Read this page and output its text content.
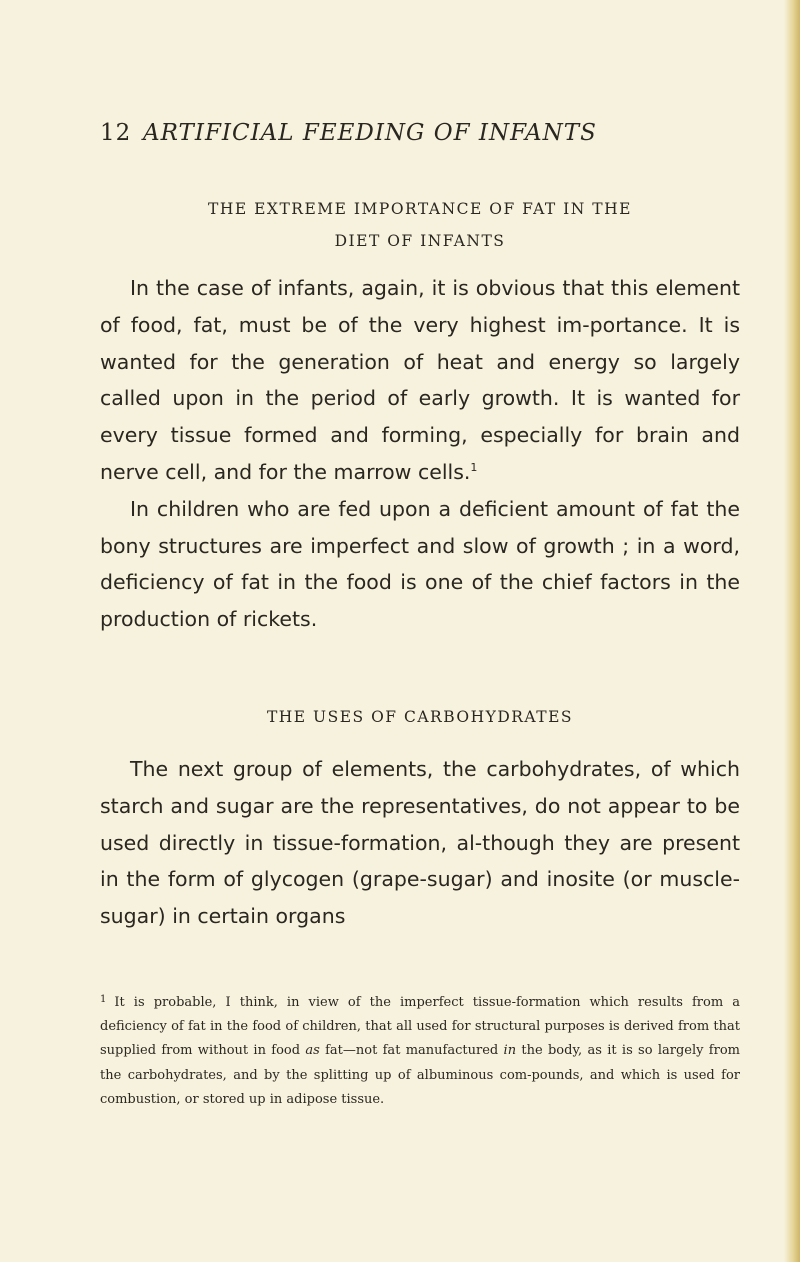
12 ARTIFICIAL FEEDING OF INFANTS
THE EXTREME IMPORTANCE OF FAT IN THE
DIET OF INFANTS

In the case of infants, again, it is obvious that this element of food, fat, must be of the very highest im-portance. It is wanted for the generation of heat and energy so largely called upon in the period of early growth. It is wanted for every tissue formed and forming, especially for brain and nerve cell, and for the marrow cells.$^1$

In children who are fed upon a deficient amount of fat the bony structures are imperfect and slow of growth ; in a word, deficiency of fat in the food is one of the chief factors in the production of rickets.

THE USES OF CARBOHYDRATES

The next group of elements, the carbohydrates, of which starch and sugar are the representatives, do not appear to be used directly in tissue-formation, al-though they are present in the form of glycogen (grape-sugar) and inosite (or muscle-sugar) in certain organs

$^1$ It is probable, I think, in view of the imperfect tissue-formation which results from a deficiency of fat in the food of children, that all used for structural purposes is derived from that supplied from without in food as fat—not fat manufactured in the body, as it is so largely from the carbohydrates, and by the splitting up of albuminous com-pounds, and which is used for combustion, or stored up in adipose tissue.
